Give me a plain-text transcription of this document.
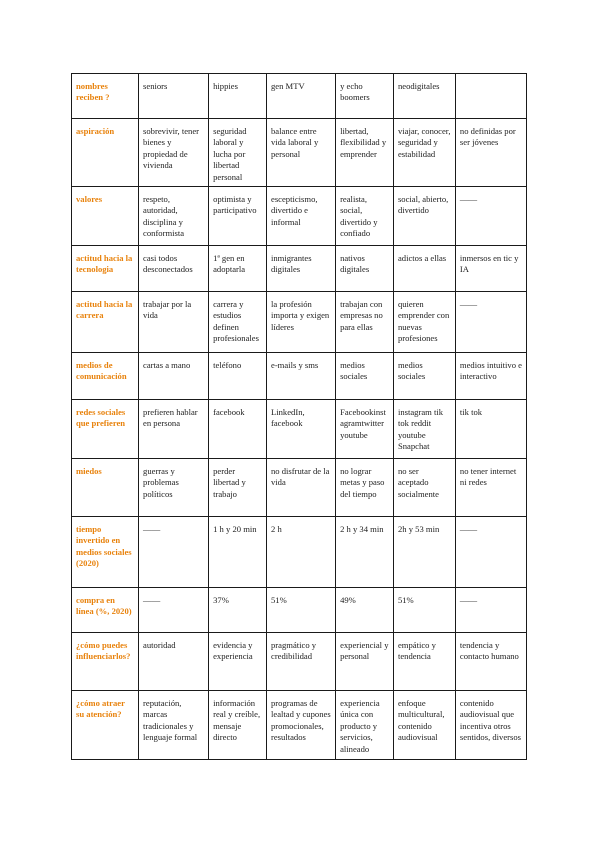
nombres reciben ?	seniors	hippies	gen MTV	y echo boomers	neodigitales	
aspiración	sobrevivir, tener bienes y propiedad de vivienda	seguridad laboral y lucha por libertad personal	balance entre vida laboral y personal	libertad, flexibilidad y emprender	viajar, conocer, seguridad y estabilidad	no definidas por ser jóvenes
valores	respeto, autoridad, disciplina y conformista	optimista y participativo	escepticismo, divertido e informal	realista, social, divertido y confiado	social, abierto, divertido	——
actitud hacia la tecnologia	casi todos desconectados	1ª gen en adoptarla	inmigrantes digitales	nativos digitales	adictos a ellas	inmersos en tic y IA
actitud hacia la carrera	trabajar por la vida	carrera y estudios definen profesionales	la profesión importa y exigen líderes	trabajan con empresas no para ellas	quieren emprender con nuevas profesiones	——
medios de comunicación	cartas a mano	teléfono	e-mails y sms	medios sociales	medios sociales	medios intuitivo e interactivo
redes sociales que prefieren	prefieren hablar en persona	facebook	LinkedIn, facebook	Facebookinstagramtwitter youtube	instagram tik tok reddit youtube Snapchat	tik tok
miedos	guerras y problemas políticos	perder libertad y trabajo	no disfrutar de la vida	no lograr metas y paso del tiempo	no ser aceptado socialmente	no tener internet ni redes
tiempo invertido en medios sociales (2020)	——	1 h y 20 min	2 h	2 h y 34 min	2h y 53 min	——
compra en línea (%, 2020)	——	37%	51%	49%	51%	——
¿cómo puedes influenciarlos?	autoridad	evidencia y experiencia	pragmático y credibilidad	experiencial y personal	empático y tendencia	tendencia y contacto humano
¿cómo atraer su atención?	reputación, marcas tradicionales y lenguaje formal	información real y creíble, mensaje directo	programas de lealtad y cupones promocionales, resultados	experiencia única con producto y servicios, alineado	enfoque multicultural, contenido audiovisual	contenido audiovisual que incentiva otros sentidos, diversos
